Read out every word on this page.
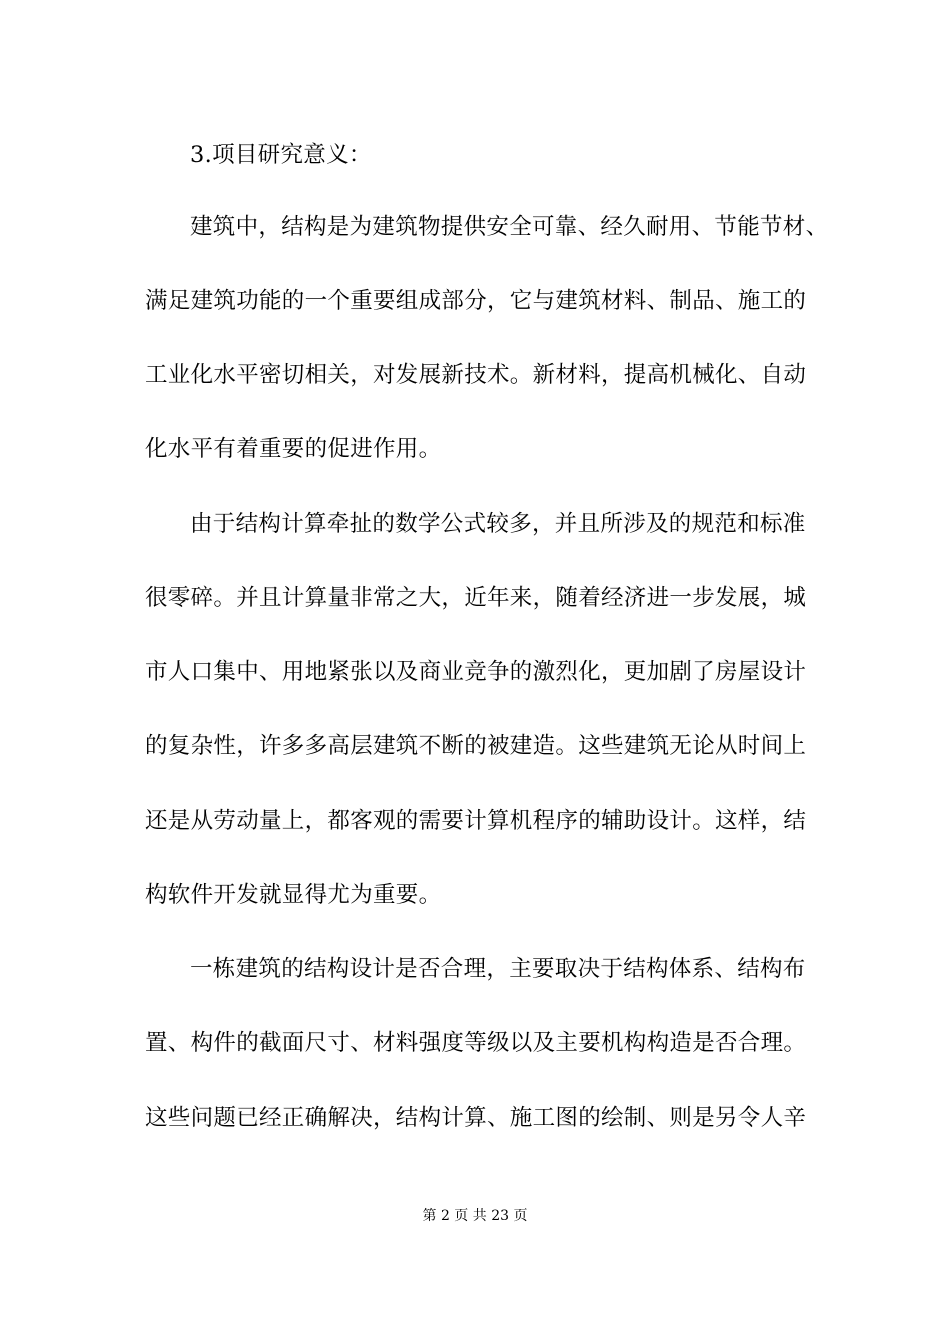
3.项目研究意义：
建筑中，结构是为建筑物提供安全可靠、经久耐用、节能节材、
满足建筑功能的一个重要组成部分，它与建筑材料、制品、施工的
工业化水平密切相关，对发展新技术。新材料，提高机械化、自动
化水平有着重要的促进作用。
由于结构计算牵扯的数学公式较多，并且所涉及的规范和标准
很零碎。并且计算量非常之大，近年来，随着经济进一步发展，城
市人口集中、用地紧张以及商业竞争的激烈化，更加剧了房屋设计
的复杂性，许多多高层建筑不断的被建造。这些建筑无论从时间上
还是从劳动量上，都客观的需要计算机程序的辅助设计。这样，结
构软件开发就显得尤为重要。
一栋建筑的结构设计是否合理，主要取决于结构体系、结构布
置、构件的截面尺寸、材料强度等级以及主要机构构造是否合理。
这些问题已经正确解决，结构计算、施工图的绘制、则是另令人辛
第 2 页 共 23 页
